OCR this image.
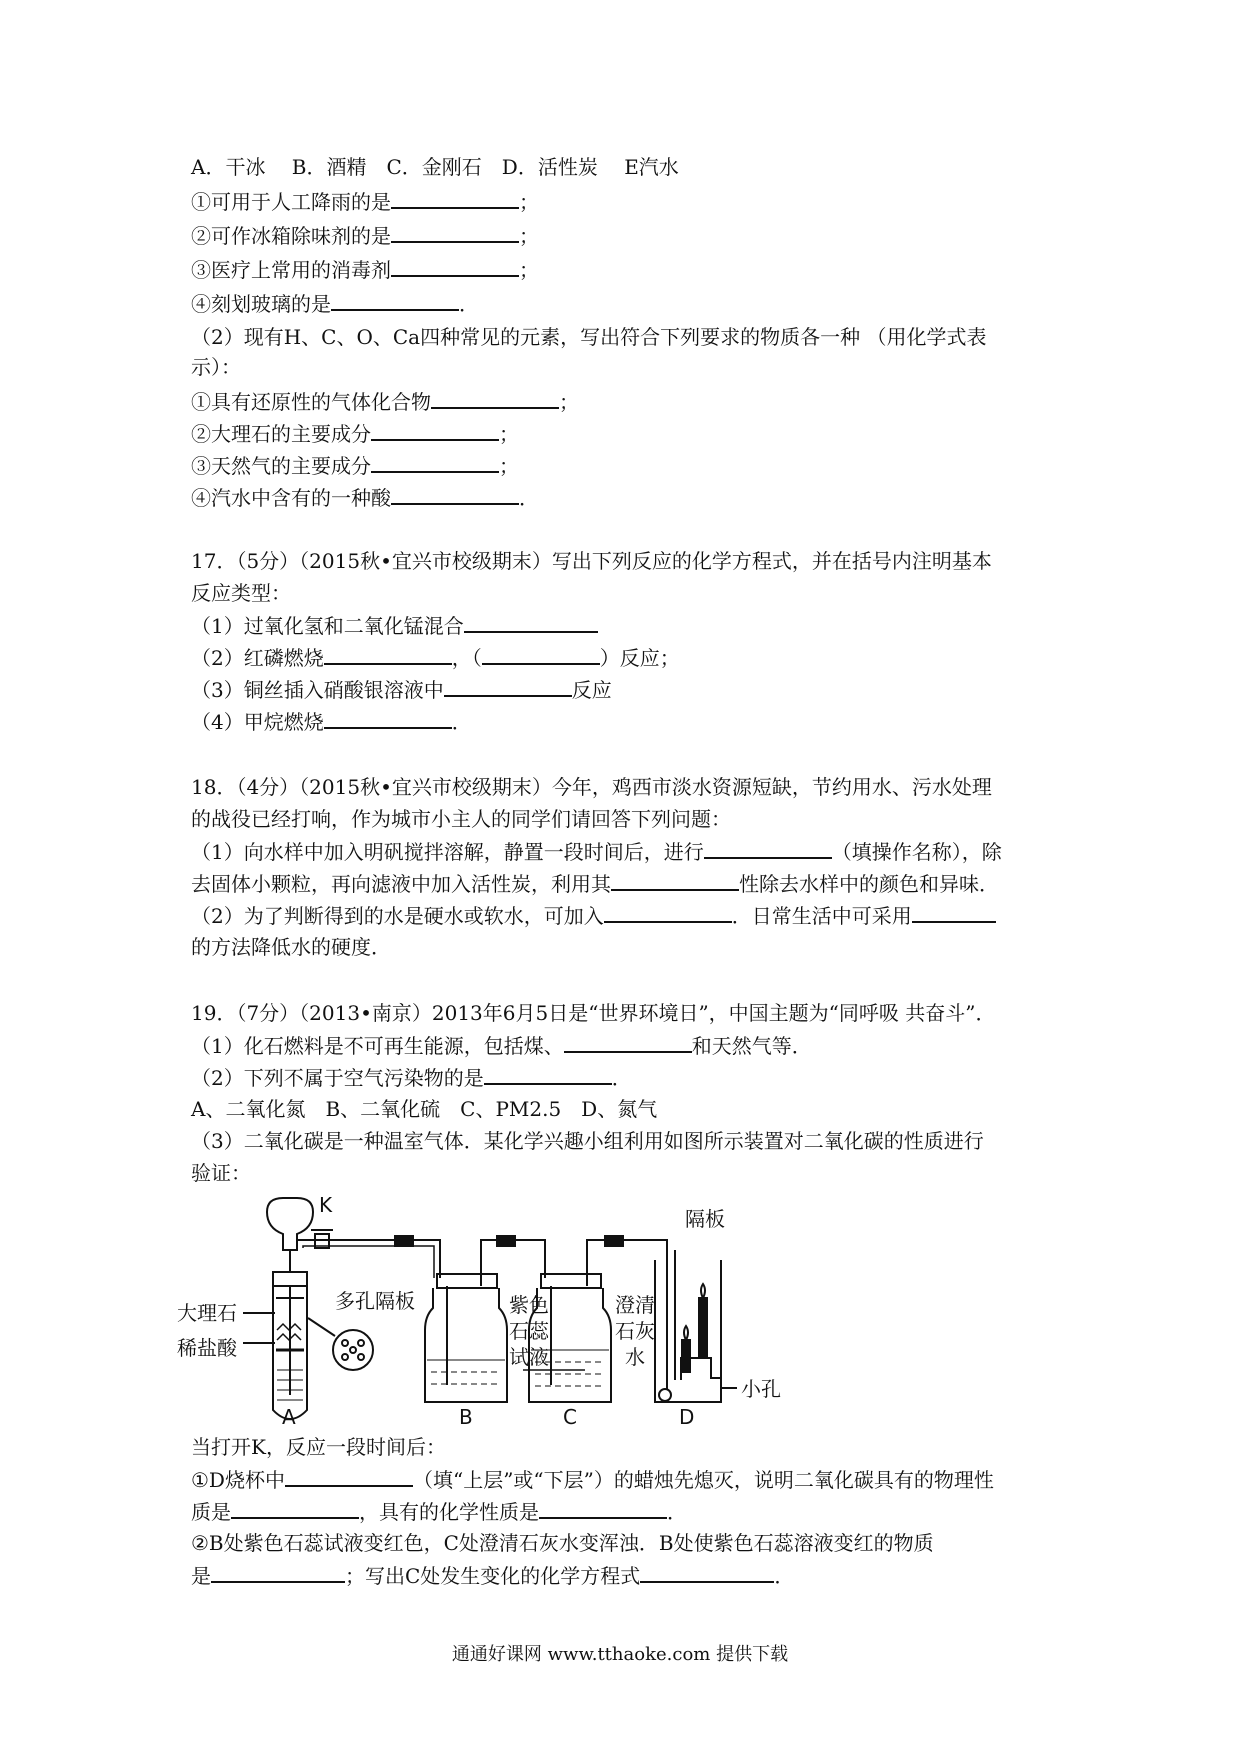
A．干冰　 B．酒精　C．金刚石　D．活性炭　 E汽水
①可用于人工降雨的是	；
②可作冰箱除味剂的是	；
③医疗上常用的消毒剂	；
④刻划玻璃的是	．
（2）现有H、C、O、Ca四种常见的元素，写出符合下列要求的物质各一种 （用化学式表
示）：
①具有还原性的气体化合物	；
②大理石的主要成分	；
③天然气的主要成分	；
④汽水中含有的一种酸	．
17．（5分）（2015秋•宜兴市校级期末）写出下列反应的化学方程式，并在括号内注明基本
反应类型：
（1）过氧化氢和二氧化锰混合
（2）红磷燃烧	，（	）反应；
（3）铜丝插入硝酸银溶液中	反应
（4）甲烷燃烧	．
18．（4分）（2015秋•宜兴市校级期末）今年，鸡西市淡水资源短缺，节约用水、污水处理
的战役已经打响，作为城市小主人的同学们请回答下列问题：
（1）向水样中加入明矾搅拌溶解，静置一段时间后，进行	（填操作名称），除
去固体小颗粒，再向滤液中加入活性炭，利用其	性除去水样中的颜色和异味．
（2）为了判断得到的水是硬水或软水，可加入	．日常生活中可采用
的方法降低水的硬度．
19．（7分）（2013•南京）2013年6月5日是“世界环境日”，中国主题为“同呼吸 共奋斗”．
（1）化石燃料是不可再生能源，包括煤、	和天然气等．
（2）下列不属于空气污染物的是	．
A、二氧化氮　B、二氧化硫　C、PM2.5　D、氮气
（3）二氧化碳是一种温室气体．某化学兴趣小组利用如图所示装置对二氧化碳的性质进行
验证：
K
隔板
多孔隔板
大理石
稀盐酸
紫色
石蕊
试液
澄清
石灰
水
小孔
A	B	C	D
当打开K，反应一段时间后：
①D烧杯中	（填“上层”或“下层”）的蜡烛先熄灭，说明二氧化碳具有的物理性
质是	，具有的化学性质是	．
②B处紫色石蕊试液变红色，C处澄清石灰水变浑浊．B处使紫色石蕊溶液变红的物质
是	；写出C处发生变化的化学方程式	．
通通好课网 www.tthaoke.com 提供下载
